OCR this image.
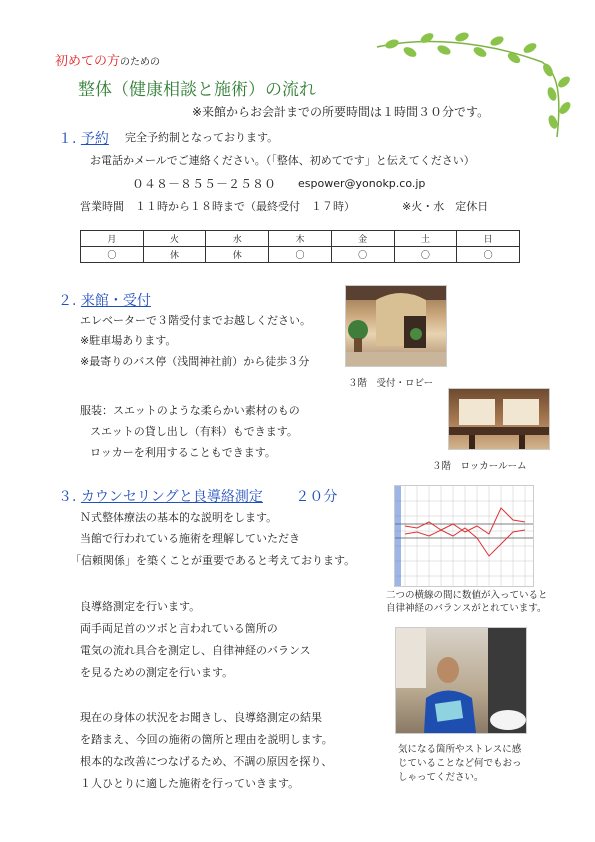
初めての方のための
整体（健康相談と施術）の流れ
※来館からお会計までの所要時間は１時間３０分です。
１. 予約 完全予約制となっております。
お電話かメールでご連絡ください。（「整体、初めてです」と伝えてください）
０４８－８５５－２５８０ espower@yonokp.co.jp
営業時間　１１時から１８時まで（最終受付　１７時）	※火・水　定休日
月	火	水	木	金	土	日
〇	休	休	〇	〇	〇	〇
２. 来館・受付
エレベーターで３階受付までお越しください。
※駐車場あります。
※最寄りのバス停（浅間神社前）から徒歩３分
服装：スエットのような柔らかい素材のもの
スエットの貸し出し（有料）もできます。
ロッカーを利用することもできます。
３階　受付・ロビー
３階　ロッカールーム
３. カウンセリングと良導絡測定 ２０分
Ｎ式整体療法の基本的な説明をします。
当館で行われている施術を理解していただき
「信頼関係」を築くことが重要であると考えております。
良導絡測定を行います。
両手両足首のツボと言われている箇所の
電気の流れ具合を測定し、自律神経のバランス
を見るための測定を行います。
現在の身体の状況をお聞きし、良導絡測定の結果
を踏まえ、今回の施術の箇所と理由を説明します。
根本的な改善につなげるため、不調の原因を探り、
１人ひとりに適した施術を行っていきます。
二つの横線の間に数値が入っていると
自律神経のバランスがとれています。
気になる箇所やストレスに感
じていることなど何でもおっ
しゃってください。
